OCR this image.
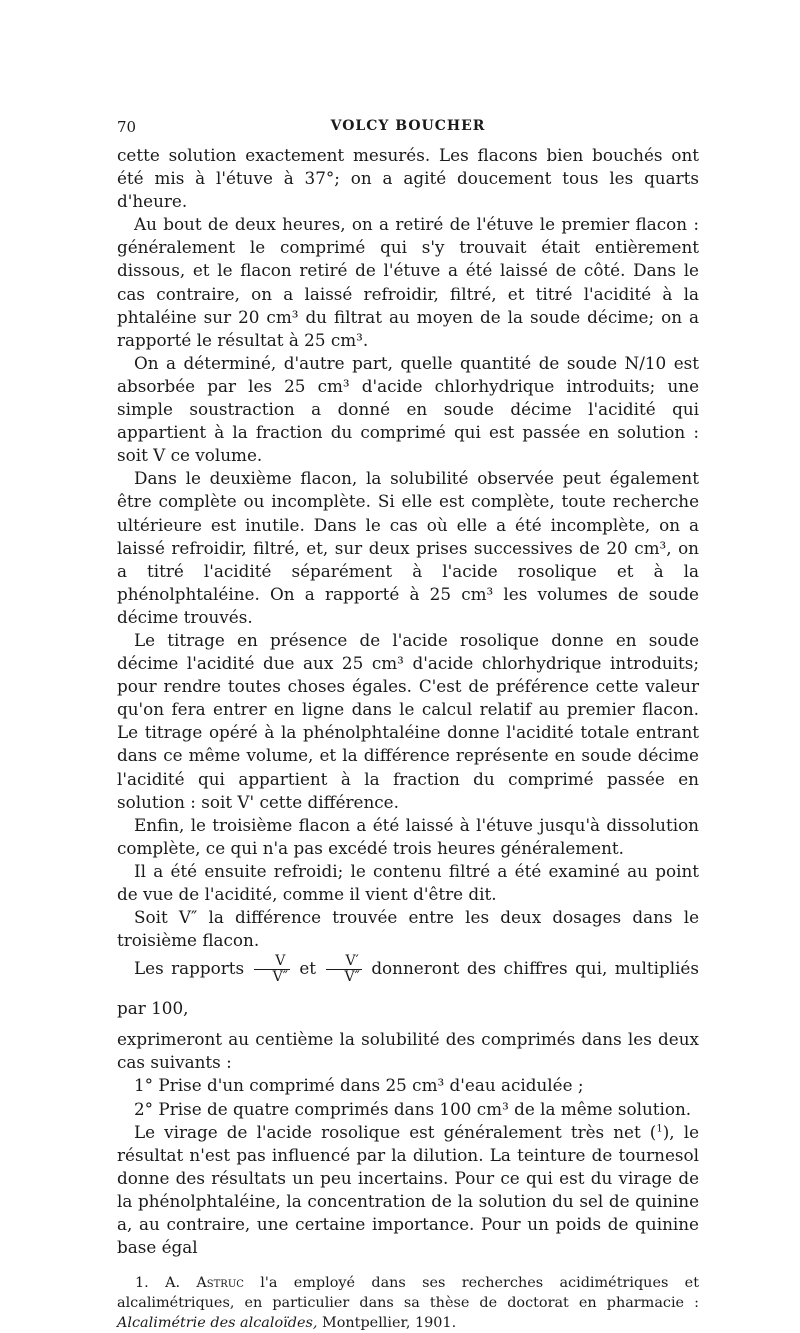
70	VOLCY BOUCHER

cette solution exactement mesurés. Les flacons bien bouchés ont été mis à l'étuve à 37°; on a agité doucement tous les quarts d'heure.

Au bout de deux heures, on a retiré de l'étuve le premier flacon : généralement le comprimé qui s'y trouvait était entièrement dissous, et le flacon retiré de l'étuve a été laissé de côté. Dans le cas contraire, on a laissé refroidir, filtré, et titré l'acidité à la phtaléine sur 20 cm³ du filtrat au moyen de la soude décime; on a rapporté le résultat à 25 cm³.

On a déterminé, d'autre part, quelle quantité de soude N/10 est absorbée par les 25 cm³ d'acide chlorhydrique introduits; une simple soustraction a donné en soude décime l'acidité qui appartient à la fraction du comprimé qui est passée en solution : soit V ce volume.

Dans le deuxième flacon, la solubilité observée peut également être complète ou incomplète. Si elle est complète, toute recherche ultérieure est inutile. Dans le cas où elle a été incomplète, on a laissé refroidir, filtré, et, sur deux prises successives de 20 cm³, on a titré l'acidité séparément à l'acide rosolique et à la phénolphtaléine. On a rapporté à 25 cm³ les volumes de soude décime trouvés.

Le titrage en présence de l'acide rosolique donne en soude décime l'acidité due aux 25 cm³ d'acide chlorhydrique introduits; pour rendre toutes choses égales. C'est de préférence cette valeur qu'on fera entrer en ligne dans le calcul relatif au premier flacon. Le titrage opéré à la phénolphtaléine donne l'acidité totale entrant dans ce même volume, et la différence représente en soude décime l'acidité qui appartient à la fraction du comprimé passée en solution : soit V' cette différence.

Enfin, le troisième flacon a été laissé à l'étuve jusqu'à dissolution complète, ce qui n'a pas excédé trois heures généralement.

Il a été ensuite refroidi; le contenu filtré a été examiné au point de vue de l'acidité, comme il vient d'être dit.

Soit V″ la différence trouvée entre les deux dosages dans le troisième flacon.

Les rapports $\frac{V}{V''}$ et $\frac{V'}{V''}$ donneront des chiffres qui, multipliés par 100,

exprimeront au centième la solubilité des comprimés dans les deux cas suivants :

1° Prise d'un comprimé dans 25 cm³ d'eau acidulée ;

2° Prise de quatre comprimés dans 100 cm³ de la même solution.

Le virage de l'acide rosolique est généralement très net ($^1$), le résultat n'est pas influencé par la dilution. La teinture de tournesol donne des résultats un peu incertains. Pour ce qui est du virage de la phénolphtaléine, la concentration de la solution du sel de quinine a, au contraire, une certaine importance. Pour un poids de quinine base égal

1. A. Astruc l'a employé dans ses recherches acidimétriques et alcalimétriques, en particulier dans sa thèse de doctorat en pharmacie : Alcalimétrie des alcaloïdes, Montpellier, 1901.
